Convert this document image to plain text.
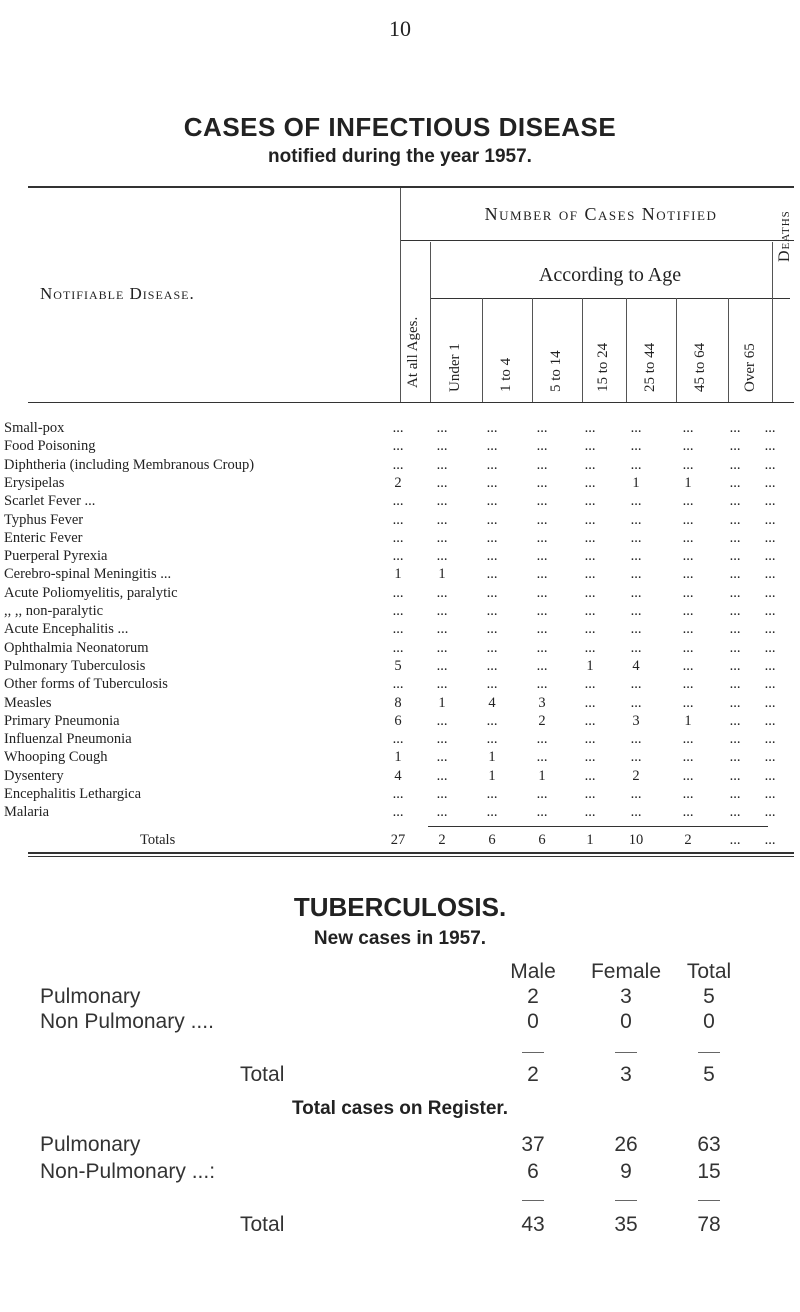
10
CASES OF INFECTIOUS DISEASE
notified during the year 1957.
Notifiable Disease.
Number of Cases Notified
According to Age
At all Ages. Under 1 1 to 4 5 to 14 15 to 24 25 to 44 45 to 64 Over 65
Deaths
Small-pox	...	...	...	...	...	...	...	...	...
Food Poisoning	...	...	...	...	...	...	...	...	...
Diphtheria (including Membranous Croup)	...	...	...	...	...	...	...	...	...
Erysipelas	2	...	...	...	...	1	1	...	...
Scarlet Fever ...	...	...	...	...	...	...	...	...	...
Typhus Fever	...	...	...	...	...	...	...	...	...
Enteric Fever	...	...	...	...	...	...	...	...	...
Puerperal Pyrexia	...	...	...	...	...	...	...	...	...
Cerebro-spinal Meningitis ...	1	1	...	...	...	...	...	...	...
Acute Poliomyelitis, paralytic	...	...	...	...	...	...	...	...	...
,, ,, non-paralytic	...	...	...	...	...	...	...	...	...
Acute Encephalitis ...	...	...	...	...	...	...	...	...	...
Ophthalmia Neonatorum	...	...	...	...	...	...	...	...	...
Pulmonary Tuberculosis	5	...	...	...	1	4	...	...	...
Other forms of Tuberculosis	...	...	...	...	...	...	...	...	...
Measles	8	1	4	3	...	...	...	...	...
Primary Pneumonia	6	...	...	2	...	3	1	...	...
Influenzal Pneumonia	...	...	...	...	...	...	...	...	...
Whooping Cough	1	...	1	...	...	...	...	...	...
Dysentery	4	...	1	1	...	2	...	...	...
Encephalitis Lethargica	...	...	...	...	...	...	...	...	...
Malaria	...	...	...	...	...	...	...	...	...
Totals	27	2	6	6	1	10	2	...	...
TUBERCULOSIS.
New cases in 1957.
Male	Female	Total
Pulmonary	2	3	5
Non Pulmonary ....	0	0	0
Total	2	3	5
Pulmonary	37	26	63
Non-Pulmonary ...:	6	9	15
Total	43	35	78
Total cases on Register.
